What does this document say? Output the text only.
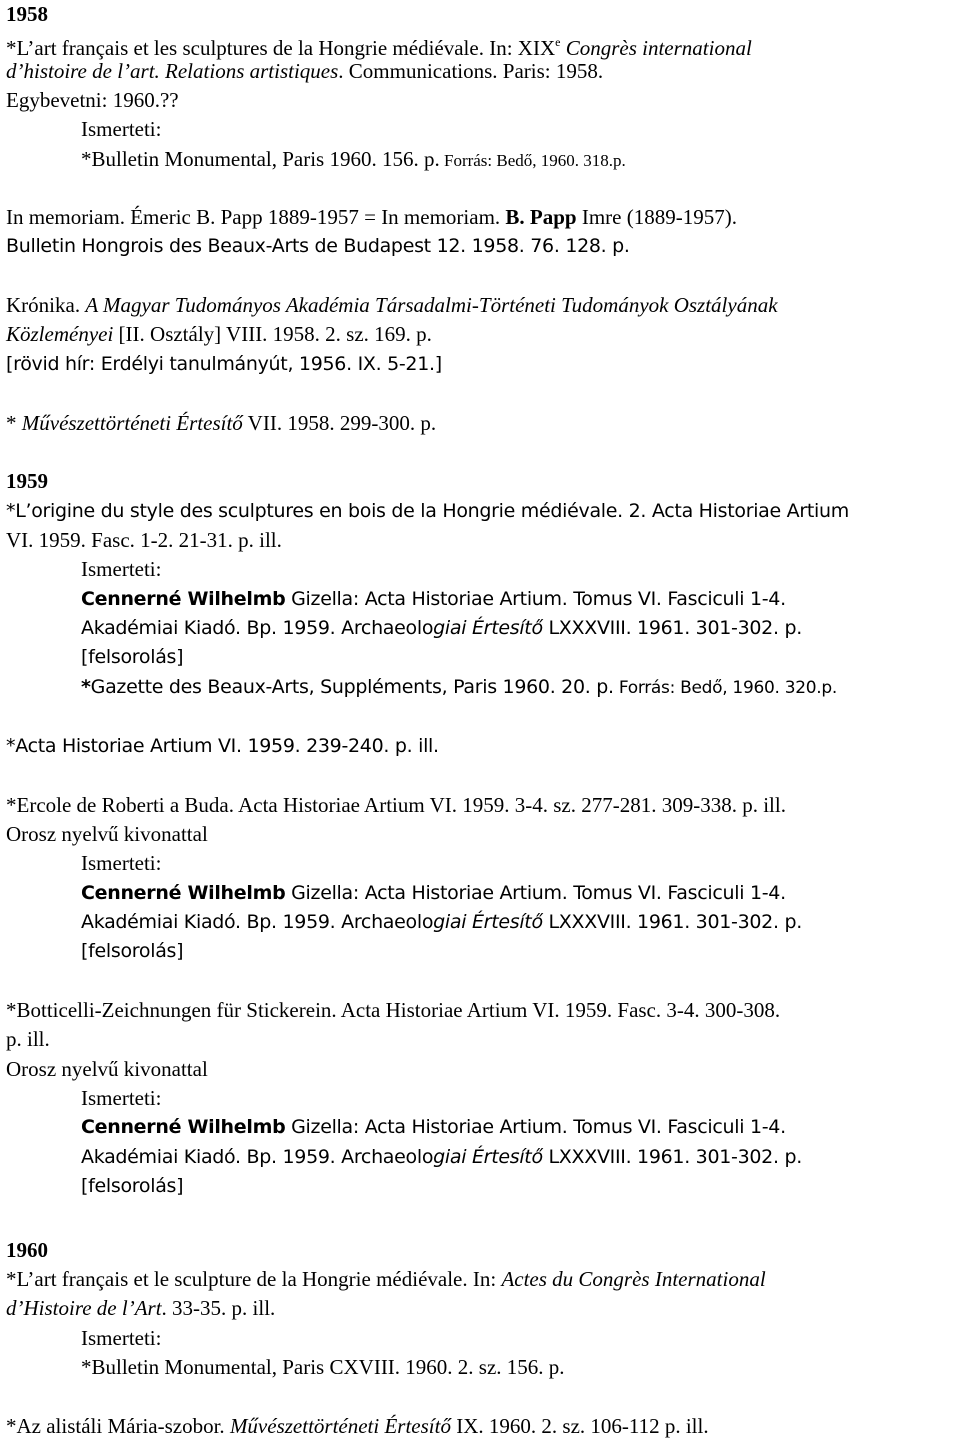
1958
*L’art français et les sculptures de la Hongrie médiévale. In: XIXe Congrès international
d’histoire de l’art. Relations artistiques. Communications. Paris: 1958.
Egybevetni: 1960.??
Ismerteti:
*Bulletin Monumental, Paris 1960. 156. p. Forrás: Bedő, 1960. 318.p.
In memoriam. Émeric B. Papp 1889-1957 = In memoriam. B. Papp Imre (1889-1957).
Bulletin Hongrois des Beaux-Arts de Budapest 12. 1958. 76. 128. p.
Krónika. A Magyar Tudományos Akadémia Társadalmi-Történeti Tudományok Osztályának
Közleményei [II. Osztály] VIII. 1958. 2. sz. 169. p.
[rövid hír: Erdélyi tanulmányút, 1956. IX. 5-21.]
* Művészettörténeti Értesítő VII. 1958. 299-300. p.
1959
*L’origine du style des sculptures en bois de la Hongrie médiévale. 2. Acta Historiae Artium
VI. 1959. Fasc. 1-2. 21-31. p. ill.
Ismerteti:
Cennerné Wilhelmb Gizella: Acta Historiae Artium. Tomus VI. Fasciculi 1-4.
Akadémiai Kiadó. Bp. 1959. Archaeologiai Értesítő LXXXVIII. 1961. 301-302. p.
[felsorolás]
*Gazette des Beaux-Arts, Suppléments, Paris 1960. 20. p. Forrás: Bedő, 1960. 320.p.
*Acta Historiae Artium VI. 1959. 239-240. p. ill.
*Ercole de Roberti a Buda. Acta Historiae Artium VI. 1959. 3-4. sz. 277-281. 309-338. p. ill.
Orosz nyelvű kivonattal
Ismerteti:
Cennerné Wilhelmb Gizella: Acta Historiae Artium. Tomus VI. Fasciculi 1-4.
Akadémiai Kiadó. Bp. 1959. Archaeologiai Értesítő LXXXVIII. 1961. 301-302. p.
[felsorolás]
*Botticelli-Zeichnungen für Stickerein. Acta Historiae Artium VI. 1959. Fasc. 3-4. 300-308.
p. ill.
Orosz nyelvű kivonattal
Ismerteti:
Cennerné Wilhelmb Gizella: Acta Historiae Artium. Tomus VI. Fasciculi 1-4.
Akadémiai Kiadó. Bp. 1959. Archaeologiai Értesítő LXXXVIII. 1961. 301-302. p.
[felsorolás]
1960
*L’art français et le sculpture de la Hongrie médiévale. In: Actes du Congrès International
d’Histoire de l’Art. 33-35. p. ill.
Ismerteti:
*Bulletin Monumental, Paris CXVIII. 1960. 2. sz. 156. p.
*Az alistáli Mária-szobor. Művészettörténeti Értesítő IX. 1960. 2. sz. 106-112 p. ill.
